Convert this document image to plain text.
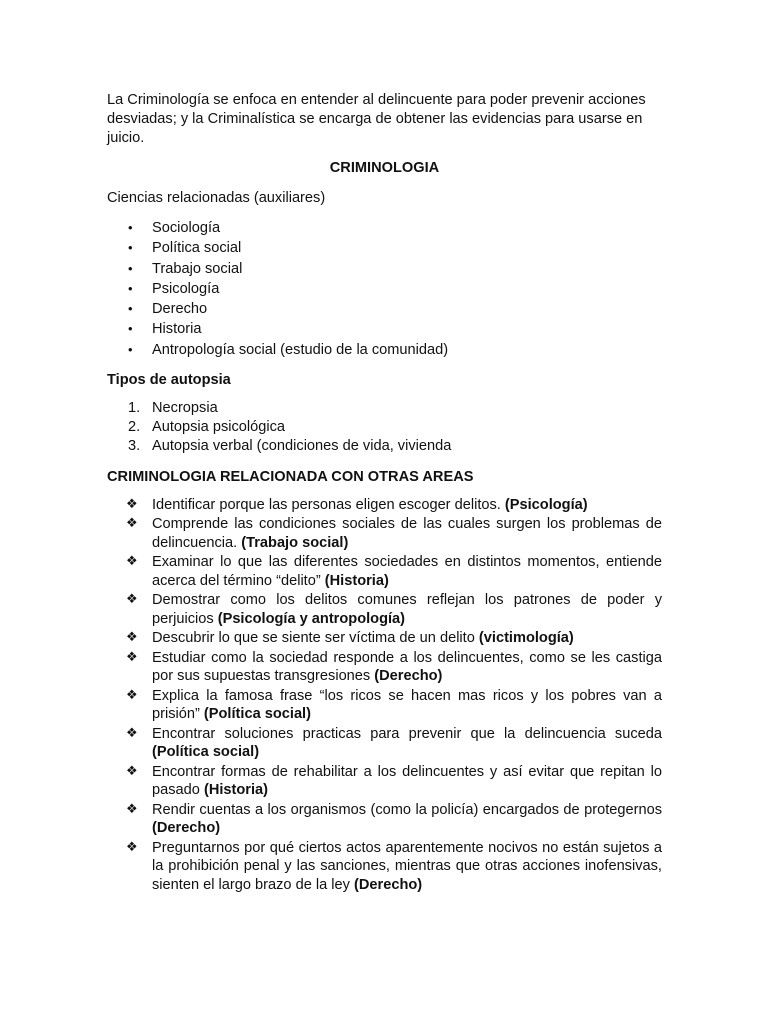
La Criminología se enfoca en entender al delincuente para poder prevenir acciones desviadas; y la Criminalística se encarga de obtener las evidencias para usarse en juicio.

CRIMINOLOGIA

Ciencias relacionadas (auxiliares)

• Sociología
• Política social
• Trabajo social
• Psicología
• Derecho
• Historia
• Antropología social (estudio de la comunidad)

Tipos de autopsia

1. Necropsia
2. Autopsia psicológica
3. Autopsia verbal (condiciones de vida, vivienda

CRIMINOLOGIA RELACIONADA CON OTRAS AREAS

❖ Identificar porque las personas eligen escoger delitos. (Psicología)
❖ Comprende las condiciones sociales de las cuales surgen los problemas de delincuencia. (Trabajo social)
❖ Examinar lo que las diferentes sociedades en distintos momentos, entiende acerca del término “delito” (Historia)
❖ Demostrar como los delitos comunes reflejan los patrones de poder y perjuicios (Psicología y antropología)
❖ Descubrir lo que se siente ser víctima de un delito (victimología)
❖ Estudiar como la sociedad responde a los delincuentes, como se les castiga por sus supuestas transgresiones (Derecho)
❖ Explica la famosa frase “los ricos se hacen mas ricos y los pobres van a prisión” (Política social)
❖ Encontrar soluciones practicas para prevenir que la delincuencia suceda (Política social)
❖ Encontrar formas de rehabilitar a los delincuentes y así evitar que repitan lo pasado (Historia)
❖ Rendir cuentas a los organismos (como la policía) encargados de protegernos (Derecho)
❖ Preguntarnos por qué ciertos actos aparentemente nocivos no están sujetos a la prohibición penal y las sanciones, mientras que otras acciones inofensivas, sienten el largo brazo de la ley (Derecho)
